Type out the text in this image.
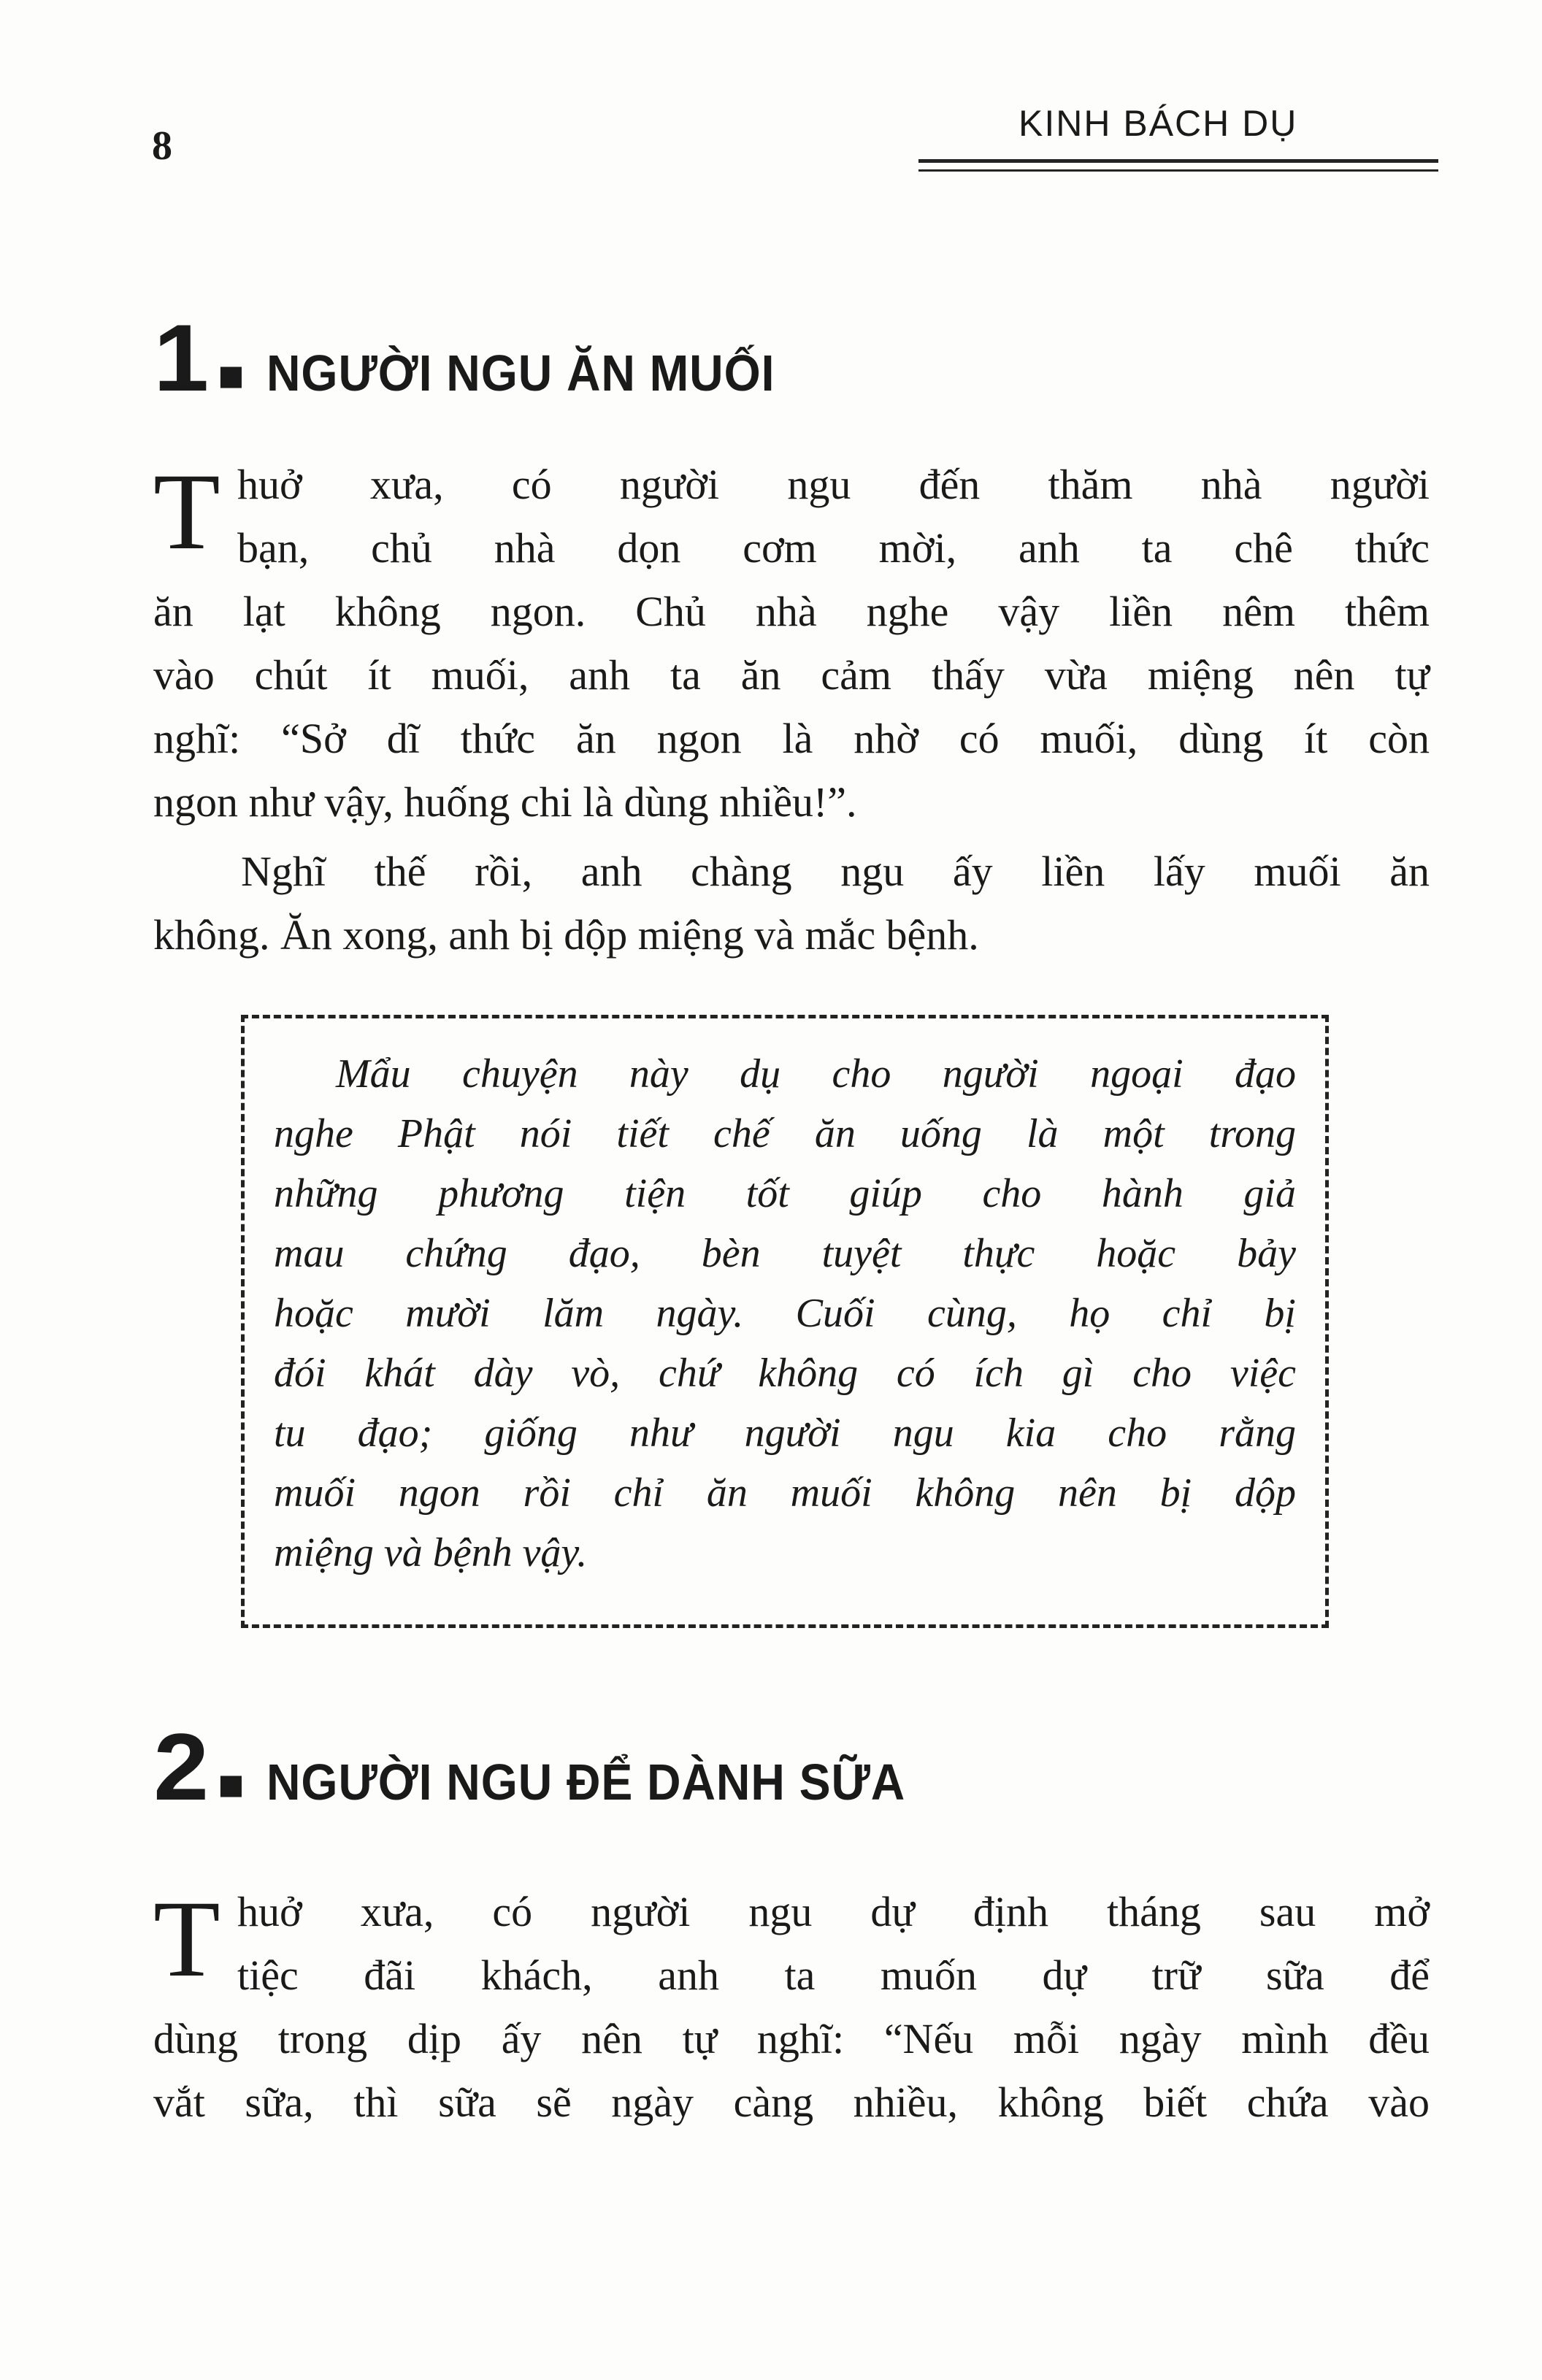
8	KINH BÁCH DỤ
1 ■ NGƯỜI NGU ĂN MUỐI
T huở xưa, có người ngu đến thăm nhà người
bạn, chủ nhà dọn cơm mời, anh ta chê thức
ăn lạt không ngon. Chủ nhà nghe vậy liền nêm thêm
vào chút ít muối, anh ta ăn cảm thấy vừa miệng nên tự
nghĩ: “Sở dĩ thức ăn ngon là nhờ có muối, dùng ít còn
ngon như vậy, huống chi là dùng nhiều!”.
Nghĩ thế rồi, anh chàng ngu ấy liền lấy muối ăn
không. Ăn xong, anh bị dộp miệng và mắc bệnh.
Mẩu chuyện này dụ cho người ngoại đạo
nghe Phật nói tiết chế ăn uống là một trong
những phương tiện tốt giúp cho hành giả
mau chứng đạo, bèn tuyệt thực hoặc bảy
hoặc mười lăm ngày. Cuối cùng, họ chỉ bị
đói khát dày vò, chứ không có ích gì cho việc
tu đạo; giống như người ngu kia cho rằng
muối ngon rồi chỉ ăn muối không nên bị dộp
miệng và bệnh vậy.
2 ■ NGƯỜI NGU ĐỂ DÀNH SỮA
T huở xưa, có người ngu dự định tháng sau mở
tiệc đãi khách, anh ta muốn dự trữ sữa để
dùng trong dịp ấy nên tự nghĩ: “Nếu mỗi ngày mình đều
vắt sữa, thì sữa sẽ ngày càng nhiều, không biết chứa vào
